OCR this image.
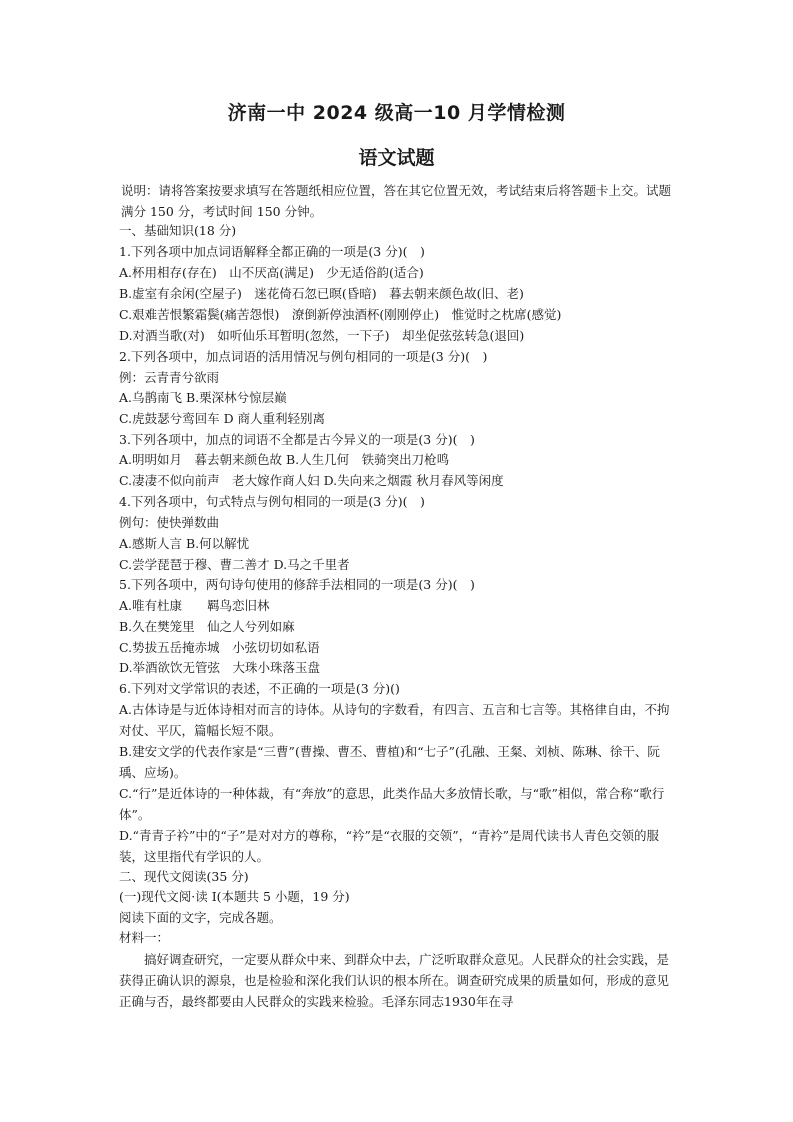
济南一中 2024 级高一10 月学情检测
语文试题
说明：请将答案按要求填写在答题纸相应位置，答在其它位置无效，考试结束后将答题卡上交。试题满分 150 分，考试时间 150 分钟。
一、基础知识(18 分)
1.下列各项中加点词语解释全都正确的一项是(3 分)(　)
A.杯用相存(存在)　山不厌高(满足)　少无适俗韵(适合)
B.虚室有余闲(空屋子)　迷花倚石忽已暝(昏暗)　暮去朝来颜色故(旧、老)
C.艰难苦恨繁霜鬓(痛苦怨恨)　潦倒新停浊酒杯(刚刚停止)　惟觉时之枕席(感觉)
D.对酒当歌(对)　如听仙乐耳暂明(忽然，一下子)　却坐促弦弦转急(退回)
2.下列各项中，加点词语的活用情况与例句相同的一项是(3 分)(　)
例：云青青兮欲雨
A.乌鹊南飞 B.栗深林兮惊层巅
C.虎鼓瑟兮鸾回车 D 商人重利轻别离
3.下列各项中，加点的词语不全都是古今异义的一项是(3 分)(　)
A.明明如月　暮去朝来颜色故 B.人生几何　铁骑突出刀枪鸣
C.凄凄不似向前声　老大嫁作商人妇 D.失向来之烟霞 秋月春风等闲度
4.下列各项中，句式特点与例句相同的一项是(3 分)(　)
例句：使快弹数曲
A.感斯人言 B.何以解忧
C.尝学琵琶于穆、曹二善才 D.马之千里者
5.下列各项中，两句诗句使用的修辞手法相同的一项是(3 分)(　)
A.唯有杜康　　羁鸟恋旧林
B.久在樊笼里　仙之人兮列如麻
C.势拔五岳掩赤城　小弦切切如私语
D.举酒欲饮无管弦　大珠小珠落玉盘
6.下列对文学常识的表述，不正确的一项是(3 分)()
A.古体诗是与近体诗相对而言的诗体。从诗句的字数看，有四言、五言和七言等。其格律自由，不拘对仗、平仄，篇幅长短不限。
B.建安文学的代表作家是“三曹”(曹操、曹丕、曹植)和“七子”(孔融、王粲、刘桢、陈琳、徐干、阮瑀、应场)。
C.“行”是近体诗的一种体裁，有“奔放”的意思，此类作品大多放情长歌，与“歌”相似，常合称“歌行体”。
D.“青青子衿”中的“子”是对对方的尊称，“衿”是“衣服的交领”，“青衿”是周代读书人青色交领的服装，这里指代有学识的人。
二、现代文阅读(35 分)
(一)现代文阅·读 I(本题共 5 小题，19 分)
阅读下面的文字，完成各题。
材料一：
搞好调查研究，一定要从群众中来、到群众中去，广泛听取群众意见。人民群众的社会实践，是获得正确认识的源泉，也是检验和深化我们认识的根本所在。调查研究成果的质量如何，形成的意见正确与否，最终都要由人民群众的实践来检验。毛泽东同志1930年在寻
